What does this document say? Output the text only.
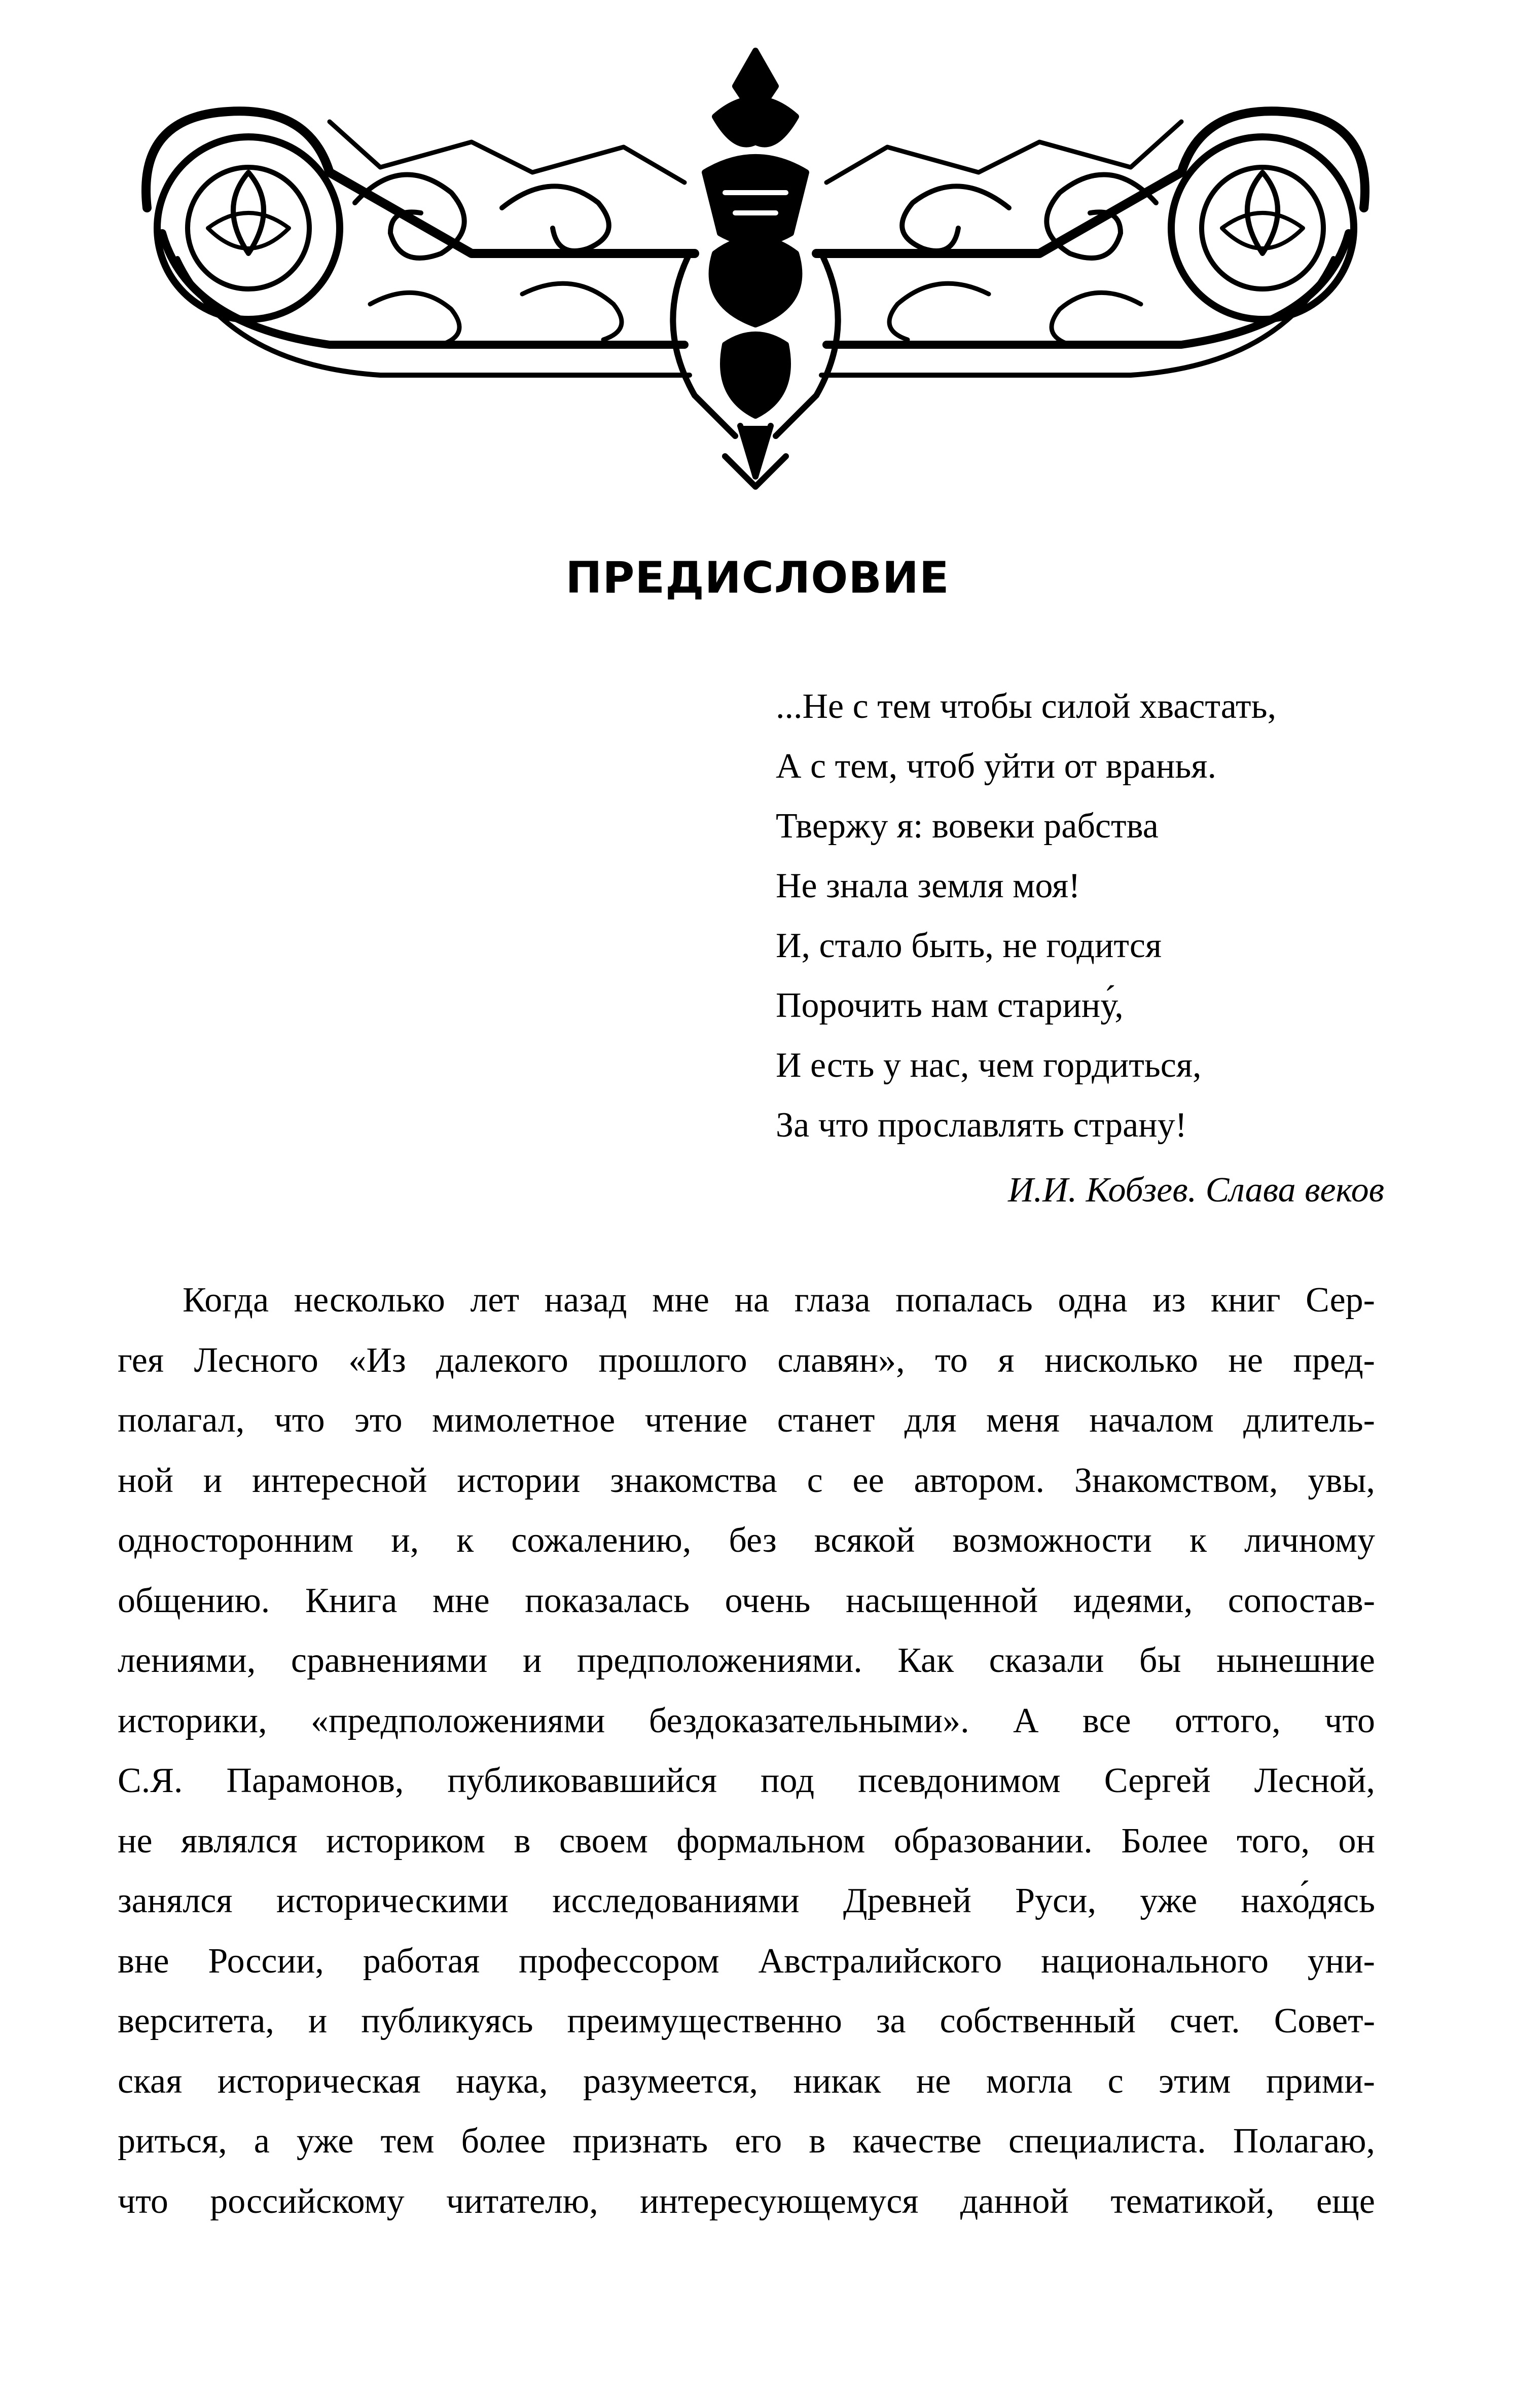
ПРЕДИСЛОВИЕ
...Не с тем чтобы силой хвастать,
А с тем, чтоб уйти от вранья.
Твержу я: вовеки рабства
Не знала земля моя!
И, стало быть, не годится
Порочить нам старину́,
И есть у нас, чем гордиться,
За что прославлять страну!
И.И. Кобзев. Слава веков
Когда несколько лет назад мне на глаза попалась одна из книг Сер-
гея Лесного «Из далекого прошлого славян», то я нисколько не пред-
полагал, что это мимолетное чтение станет для меня началом длитель-
ной и интересной истории знакомства с ее автором. Знакомством, увы,
односторонним и, к сожалению, без всякой возможности к личному
общению. Книга мне показалась очень насыщенной идеями, сопостав-
лениями, сравнениями и предположениями. Как сказали бы нынешние
историки, «предположениями бездоказательными». А все оттого, что
С.Я. Парамонов, публиковавшийся под псевдонимом Сергей Лесной,
не являлся историком в своем формальном образовании. Более того, он
занялся историческими исследованиями Древней Руси, уже нахо́дясь
вне России, работая профессором Австралийского национального уни-
верситета, и публикуясь преимущественно за собственный счет. Совет-
ская историческая наука, разумеется, никак не могла с этим прими-
риться, а уже тем более признать его в качестве специалиста. Полагаю,
что российскому читателю, интересующемуся данной тематикой, еще
